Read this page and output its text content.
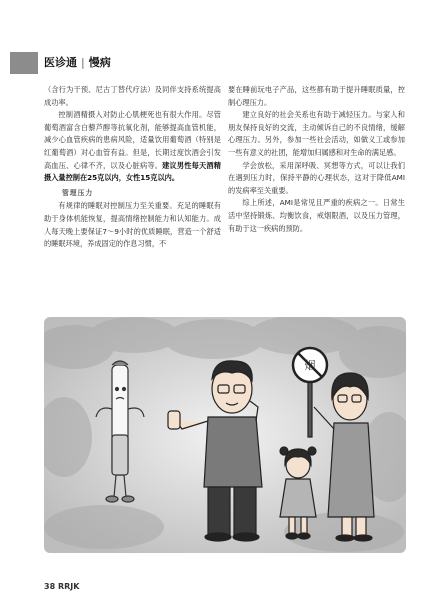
医诊通 | 慢病

（含行为干预、尼古丁替代疗法）及同伴支持系统提高成功率。

控制酒精摄入对防止心肌梗死也有很大作用。尽管葡萄酒富含白藜芦醇等抗氧化剂，能够提高血管机能，减少心血管疾病的患病风险，适量饮用葡萄酒（特别是红葡萄酒）对心血管有益。但是，长期过度饮酒会引发高血压、心律不齐，以及心脏病等。建议男性每天酒精摄入量控制在25克以内，女性15克以内。

管理压力

有规律的睡眠对控制压力至关重要。充足的睡眠有助于身体机能恢复，提高情绪控制能力和认知能力。成人每天晚上要保证7～9小时的优质睡眠，营造一个舒适的睡眠环境，养成固定的作息习惯，不

要在睡前玩电子产品，这些都有助于提升睡眠质量，控制心理压力。

建立良好的社会关系也有助于减轻压力。与家人和朋友保持良好的交流，主动倾诉自己的不良情绪，缓解心理压力。另外，参加一些社会活动，如做义工或参加一些有意义的社团，能增加归属感和对生命的满足感。

学会放松，采用深呼吸、冥想等方式，可以让我们在遇到压力时，保持平静的心理状态，这对于降低AMI的发病率至关重要。

综上所述，AMI是常见且严重的疾病之一。日常生活中坚持锻炼、均衡饮食，戒烟限酒，以及压力管理，有助于这一疾病的预防。

烟
38 RRJK
